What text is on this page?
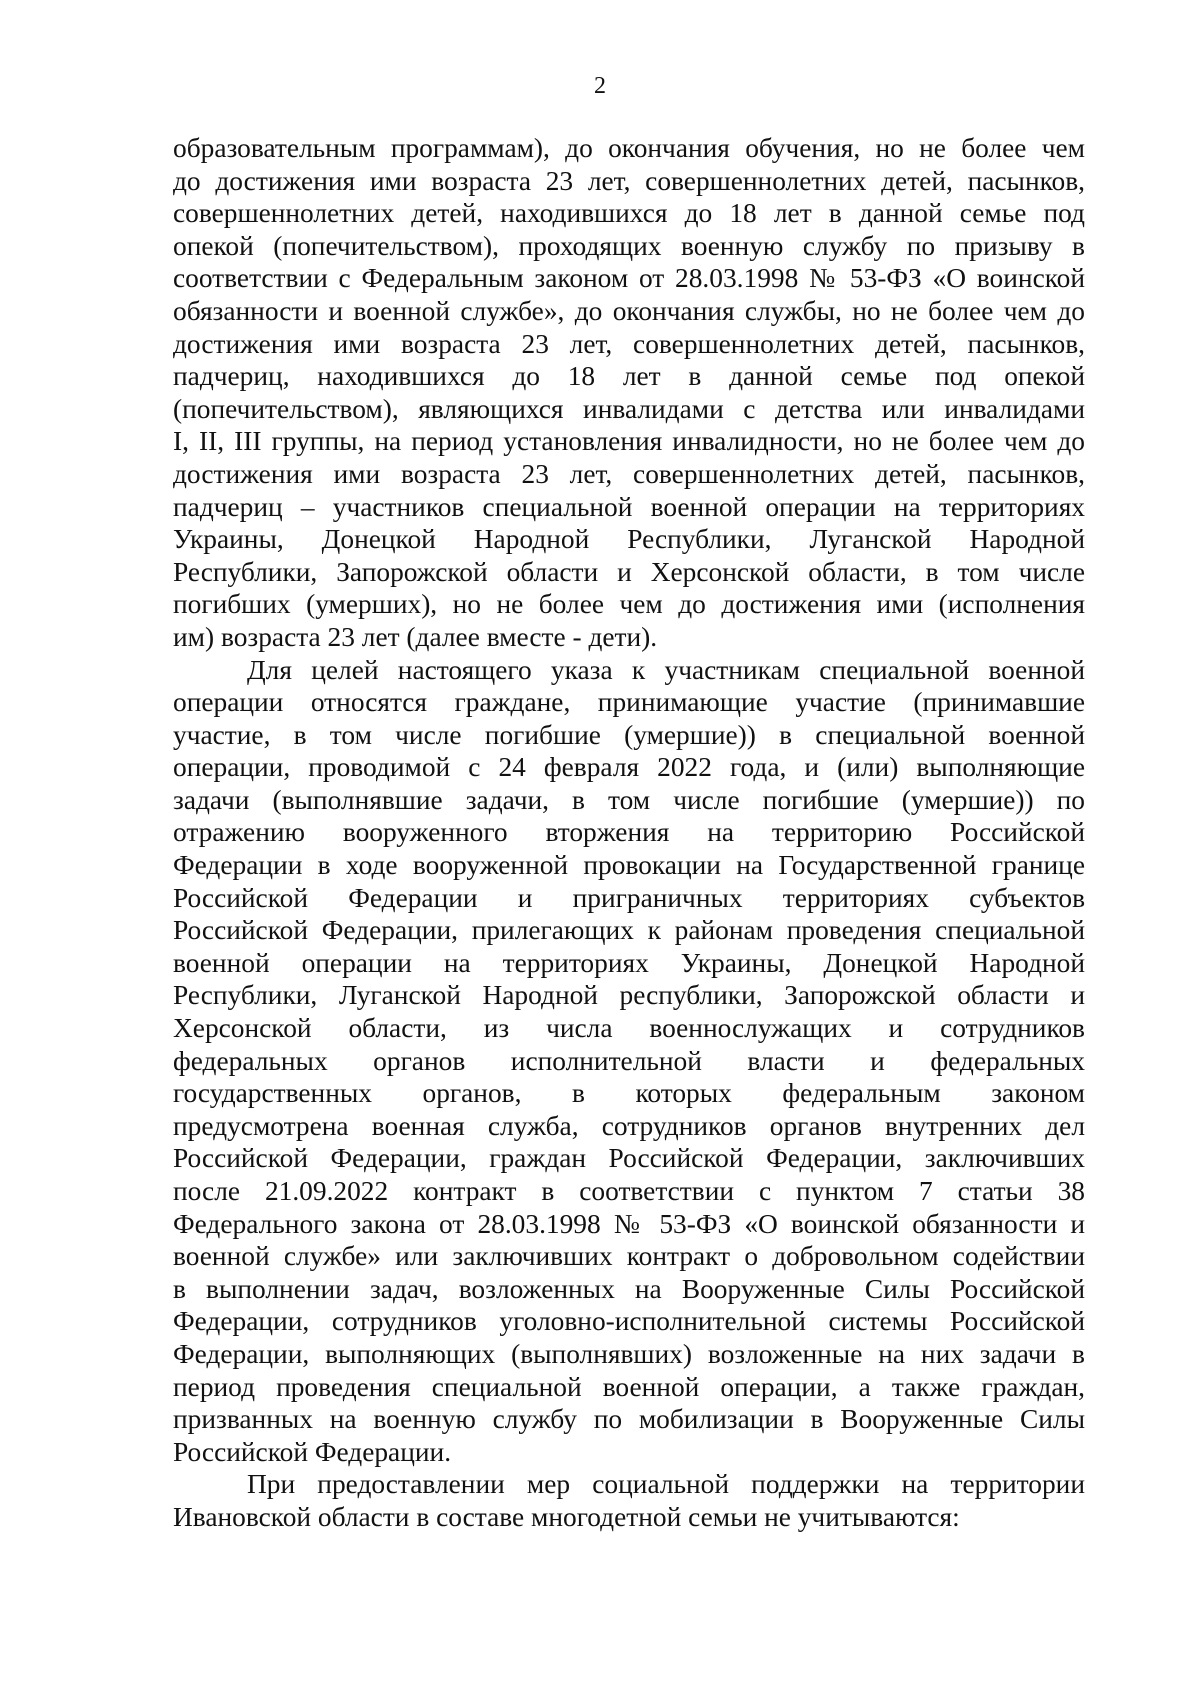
2
образовательным программам), до окончания обучения, но не более чем
до достижения ими возраста 23 лет, совершеннолетних детей, пасынков,
совершеннолетних детей, находившихся до 18 лет в данной семье под
опекой (попечительством), проходящих военную службу по призыву в
соответствии с Федеральным законом от 28.03.1998 № 53-ФЗ «О воинской
обязанности и военной службе», до окончания службы, но не более чем до
достижения ими возраста 23 лет, совершеннолетних детей, пасынков,
падчериц, находившихся до 18 лет в данной семье под опекой
(попечительством), являющихся инвалидами с детства или инвалидами
I, II, III группы, на период установления инвалидности, но не более чем до
достижения ими возраста 23 лет, совершеннолетних детей, пасынков,
падчериц – участников специальной военной операции на территориях
Украины, Донецкой Народной Республики, Луганской Народной
Республики, Запорожской области и Херсонской области, в том числе
погибших (умерших), но не более чем до достижения ими (исполнения
им) возраста 23 лет (далее вместе - дети).
Для целей настоящего указа к участникам специальной военной
операции относятся граждане, принимающие участие (принимавшие
участие, в том числе погибшие (умершие)) в специальной военной
операции, проводимой с 24 февраля 2022 года, и (или) выполняющие
задачи (выполнявшие задачи, в том числе погибшие (умершие)) по
отражению вооруженного вторжения на территорию Российской
Федерации в ходе вооруженной провокации на Государственной границе
Российской Федерации и приграничных территориях субъектов
Российской Федерации, прилегающих к районам проведения специальной
военной операции на территориях Украины, Донецкой Народной
Республики, Луганской Народной республики, Запорожской области и
Херсонской области, из числа военнослужащих и сотрудников
федеральных органов исполнительной власти и федеральных
государственных органов, в которых федеральным законом
предусмотрена военная служба, сотрудников органов внутренних дел
Российской Федерации, граждан Российской Федерации, заключивших
после 21.09.2022 контракт в соответствии с пунктом 7 статьи 38
Федерального закона от 28.03.1998 № 53-ФЗ «О воинской обязанности и
военной службе» или заключивших контракт о добровольном содействии
в выполнении задач, возложенных на Вооруженные Силы Российской
Федерации, сотрудников уголовно-исполнительной системы Российской
Федерации, выполняющих (выполнявших) возложенные на них задачи в
период проведения специальной военной операции, а также граждан,
призванных на военную службу по мобилизации в Вооруженные Силы
Российской Федерации.
При предоставлении мер социальной поддержки на территории
Ивановской области в составе многодетной семьи не учитываются:
